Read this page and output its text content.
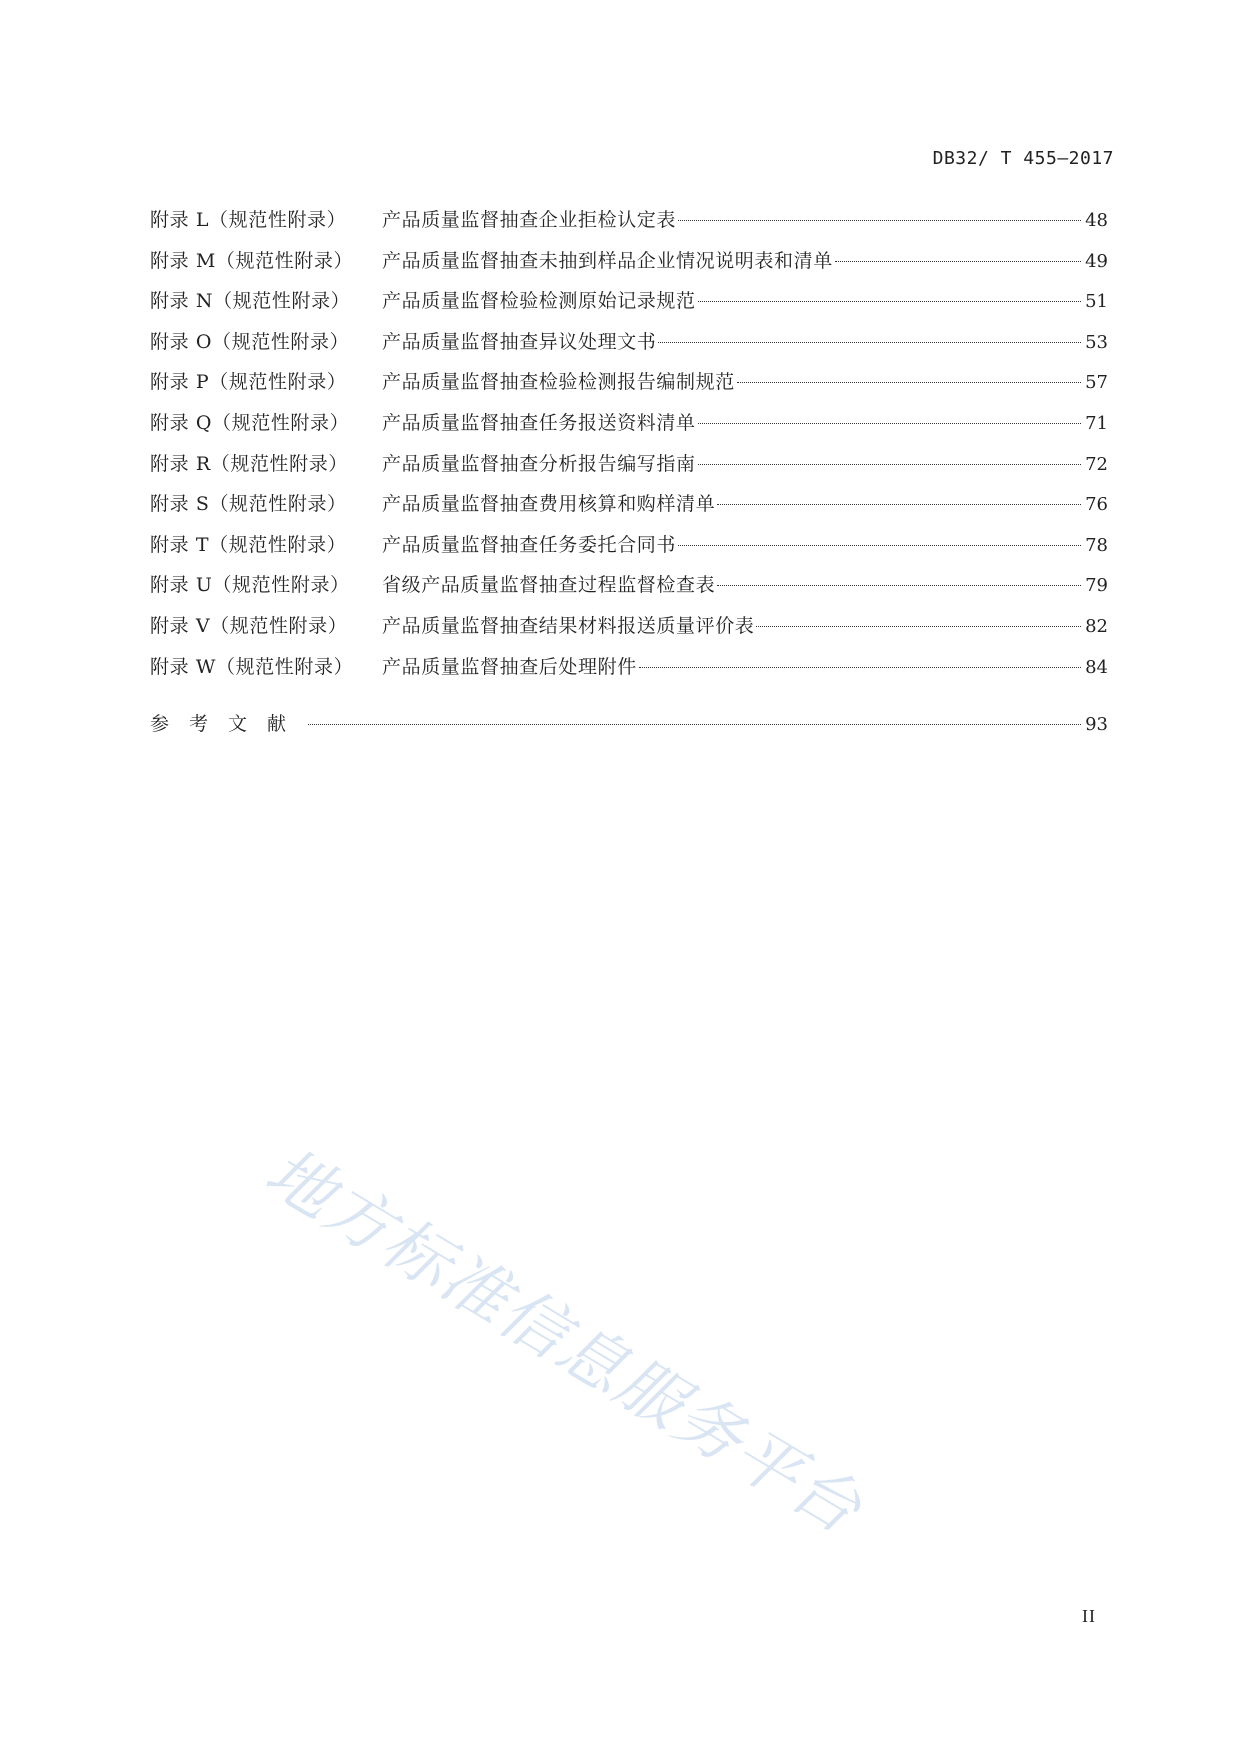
DB32/ T 455—2017
附录 L（规范性附录）	产品质量监督抽查企业拒检认定表	48
附录 M（规范性附录）	产品质量监督抽查未抽到样品企业情况说明表和清单	49
附录 N（规范性附录）	产品质量监督检验检测原始记录规范	51
附录 O（规范性附录）	产品质量监督抽查异议处理文书	53
附录 P（规范性附录）	产品质量监督抽查检验检测报告编制规范	57
附录 Q（规范性附录）	产品质量监督抽查任务报送资料清单	71
附录 R（规范性附录）	产品质量监督抽查分析报告编写指南	72
附录 S（规范性附录）	产品质量监督抽查费用核算和购样清单	76
附录 T（规范性附录）	产品质量监督抽查任务委托合同书	78
附录 U（规范性附录）	省级产品质量监督抽查过程监督检查表	79
附录 V（规范性附录）	产品质量监督抽查结果材料报送质量评价表	82
附录 W（规范性附录）	产品质量监督抽查后处理附件	84
参考文献	93
地方标准信息服务平台
II
